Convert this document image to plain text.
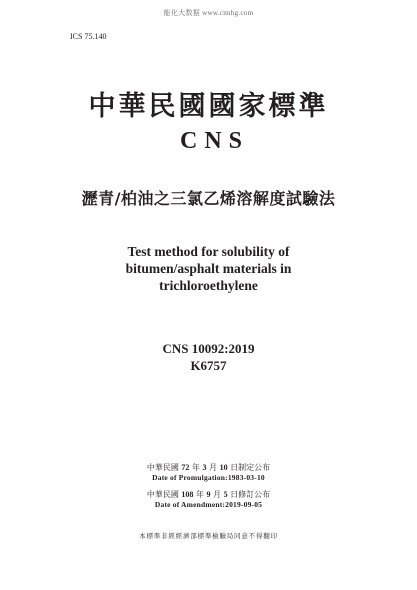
能化大数据 www.cnnhg.com

ICS 75.140

中華民國國家標準
CNS
瀝青/柏油之三氯乙烯溶解度試驗法
Test method for solubility of
bitumen/asphalt materials in
trichloroethylene
CNS 10092:2019
K6757
中華民國 72 年 3 月 10 日制定公布
Date of Promulgation:1983-03-10
中華民國 108 年 9 月 5 日修訂公布
Date of Amendment:2019-09-05

本標準非經經濟部標準檢驗局同意不得翻印
